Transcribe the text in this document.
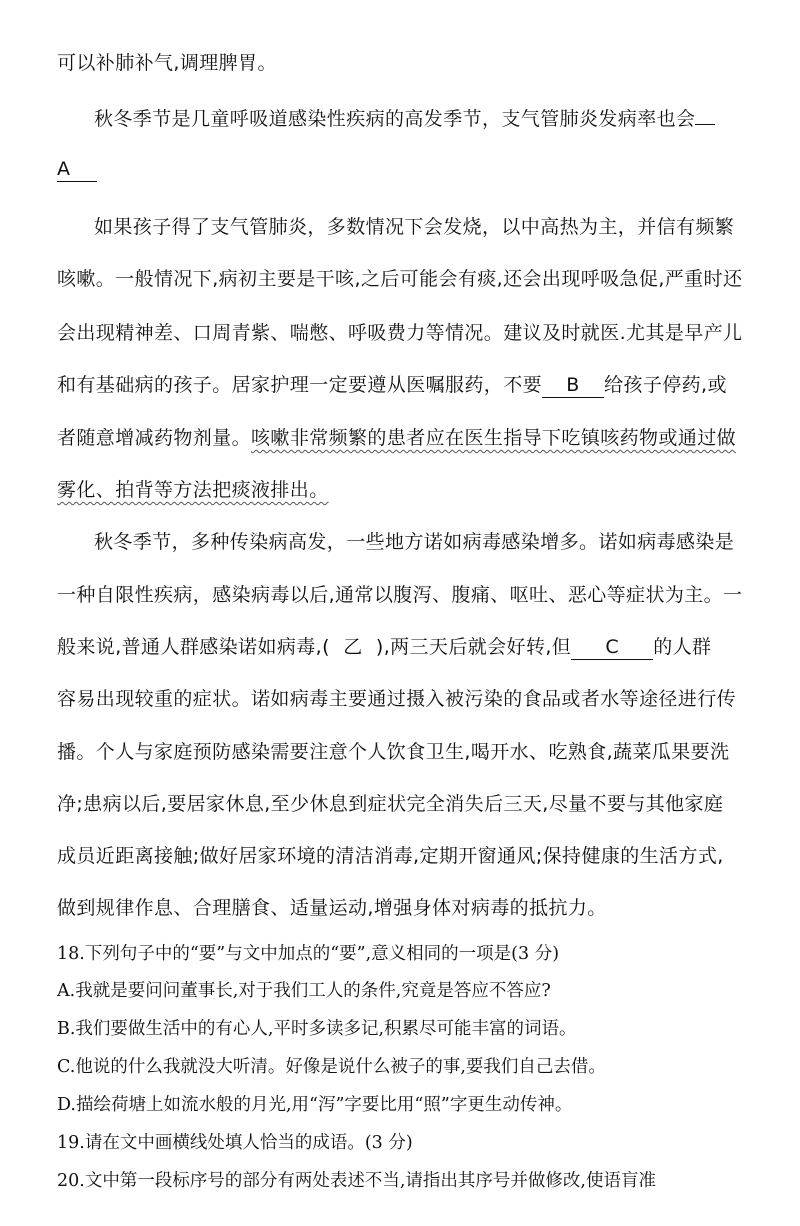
可以补肺补气,调理脾胃。
秋冬季节是几童呼吸道感染性疾病的高发季节，支气管肺炎发病率也会
A
如果孩子得了支气管肺炎，多数情况下会发烧，以中高热为主，并信有频繁
咳嗽。一般情况下,病初主要是干咳,之后可能会有痰,还会出现呼吸急促,严重时还
会出现精神差、口周青紫、喘憋、呼吸费力等情况。建议及时就医.尤其是早产儿
和有基础病的孩子。居家护理一定要遵从医嘱服药，不要 B 给孩子停药,或
者随意增减药物剂量。咳嗽非常频繁的患者应在医生指导下吃镇咳药物或通过做
雾化、拍背等方法把痰液排出。
秋冬季节，多种传染病高发，一些地方诺如病毒感染增多。诺如病毒感染是
一种自限性疾病，感染病毒以后,通常以腹泻、腹痛、呕吐、恶心等症状为主。一
般来说,普通人群感染诺如病毒,( 乙 ),两三天后就会好转,但 C 的人群
容易出现较重的症状。诺如病毒主要通过摄入被污染的食品或者水等途径进行传
播。个人与家庭预防感染需要注意个人饮食卫生,喝开水、吃熟食,蔬菜瓜果要洗
净;患病以后,要居家休息,至少休息到症状完全消失后三天,尽量不要与其他家庭
成员近距离接触;做好居家环境的清洁消毒,定期开窗通风;保持健康的生活方式,
做到规律作息、合理膳食、适量运动,增强身体对病毒的抵抗力。
18.下列句子中的“要”与文中加点的“要”,意义相同的一项是(3 分)
A.我就是要问问董事长,对于我们工人的条件,究竟是答应不答应?
B.我们要做生活中的有心人,平时多读多记,积累尽可能丰富的词语。
C.他说的什么我就没大听清。好像是说什么被子的事,要我们自己去借。
D.描绘荷塘上如流水般的月光,用“泻”字要比用“照”字更生动传神。
19.请在文中画横线处填人恰当的成语。(3 分)
20.文中第一段标序号的部分有两处表述不当,请指出其序号并做修改,使语肓准
